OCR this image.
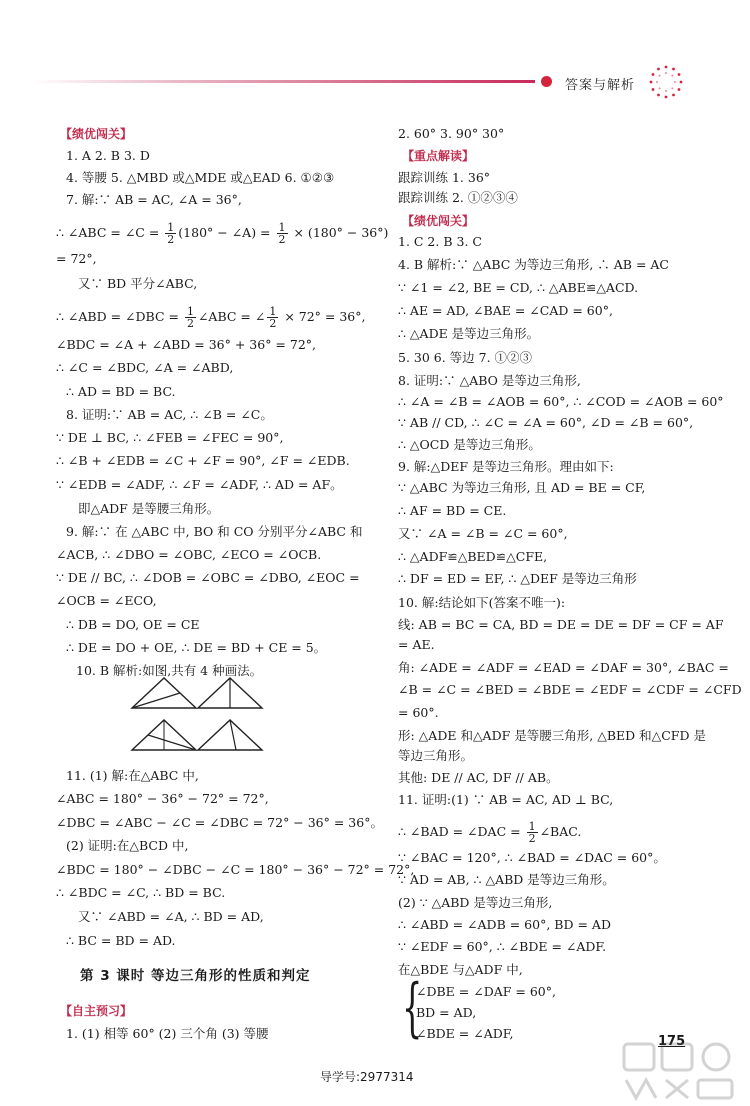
答案与解析
{	175
导学号:2977314
【绩优闯关】
1. A 2. B 3. D
4. 等腰 5. △MBD 或△MDE 或△EAD 6. ①②③
7. 解:∵ AB = AC, ∠A = 36°,
∴ ∠ABC = ∠C = $\frac{1}{2} (180^\circ$ − ∠A) = $\frac{1}{2} \times (180^\circ - 36^\circ)$
= 72°,
又∵ BD 平分∠ABC,
∴ ∠ABD = ∠DBC = $\frac{1}{2}$ ∠ABC = ∠ $\frac{1}{2} \times 72^\circ = 36^\circ$,
∠BDC = ∠A + ∠ABD = 36° + 36° = 72°,
∴ ∠C = ∠BDC, ∠A = ∠ABD,
∴ AD = BD = BC.
8. 证明:∵ AB = AC, ∴ ∠B = ∠C。
∵ DE ⊥ BC, ∴ ∠FEB = ∠FEC = 90°,
∴ ∠B + ∠EDB = ∠C + ∠F = 90°, ∠F = ∠EDB.
∵ ∠EDB = ∠ADF, ∴ ∠F = ∠ADF, ∴ AD = AF。
即△ADF 是等腰三角形。
9. 解:∵ 在 △ABC 中, BO 和 CO 分别平分∠ABC 和
∠ACB, ∴ ∠DBO = ∠OBC, ∠ECO = ∠OCB.
∵ DE // BC, ∴ ∠DOB = ∠OBC = ∠DBO, ∠EOC =
∠OCB = ∠ECO,
∴ DB = DO, OE = CE
∴ DE = DO + OE, ∴ DE = BD + CE = 5。
10. B 解析:如图,共有 4 种画法。
11. (1) 解:在△ABC 中,
∠ABC = 180° − 36° − 72° = 72°,
∠DBC = ∠ABC − ∠C = ∠DBC = 72° − 36° = 36°。
(2) 证明:在△BCD 中,
∠BDC = 180° − ∠DBC − ∠C = 180° − 36° − 72° = 72°,
∴ ∠BDC = ∠C, ∴ BD = BC.
又∵ ∠ABD = ∠A, ∴ BD = AD,
∴ BC = BD = AD.
第 3 课时 等边三角形的性质和判定
【自主预习】
1. (1) 相等 60° (2) 三个角 (3) 等腰
2. 60° 3. 90° 30°
【重点解读】
跟踪训练 1. 36°
跟踪训练 2. ①②③④
【绩优闯关】
1. C 2. B 3. C
4. B 解析:∵ △ABC 为等边三角形, ∴ AB = AC
∵ ∠1 = ∠2, BE = CD, ∴ △ABE≌△ACD.
∴ AE = AD, ∠BAE = ∠CAD = 60°,
∴ △ADE 是等边三角形。
5. 30 6. 等边 7. ①②③
8. 证明:∵ △ABO 是等边三角形,
∴ ∠A = ∠B = ∠AOB = 60°, ∴ ∠COD = ∠AOB = 60°
∵ AB // CD, ∴ ∠C = ∠A = 60°, ∠D = ∠B = 60°,
∴ △OCD 是等边三角形。
9. 解:△DEF 是等边三角形。理由如下:
∵ △ABC 为等边三角形, 且 AD = BE = CF,
∴ AF = BD = CE.
又∵ ∠A = ∠B = ∠C = 60°,
∴ △ADF≌△BED≌△CFE,
∴ DF = ED = EF, ∴ △DEF 是等边三角形
10. 解:结论如下(答案不唯一):
线: AB = BC = CA, BD = DE = DE = DF = CF = AF
= AE.
角: ∠ADE = ∠ADF = ∠EAD = ∠DAF = 30°, ∠BAC =
∠B = ∠C = ∠BED = ∠BDE = ∠EDF = ∠CDF = ∠CFD
= 60°.
形: △ADE 和△ADF 是等腰三角形, △BED 和△CFD 是
等边三角形。
其他: DE // AC, DF // AB。
11. 证明:(1) ∵ AB = AC, AD ⊥ BC,
∴ ∠BAD = ∠DAC = $\frac{1}{2}$ ∠BAC.
∵ ∠BAC = 120°, ∴ ∠BAD = ∠DAC = 60°。
∵ AD = AB, ∴ △ABD 是等边三角形。
(2) ∵ △ABD 是等边三角形,
∴ ∠ABD = ∠ADB = 60°, BD = AD
∵ ∠EDF = 60°, ∴ ∠BDE = ∠ADF.
在△BDE 与△ADF 中,
∠DBE = ∠DAF = 60°,
BD = AD,
∠BDE = ∠ADF,
